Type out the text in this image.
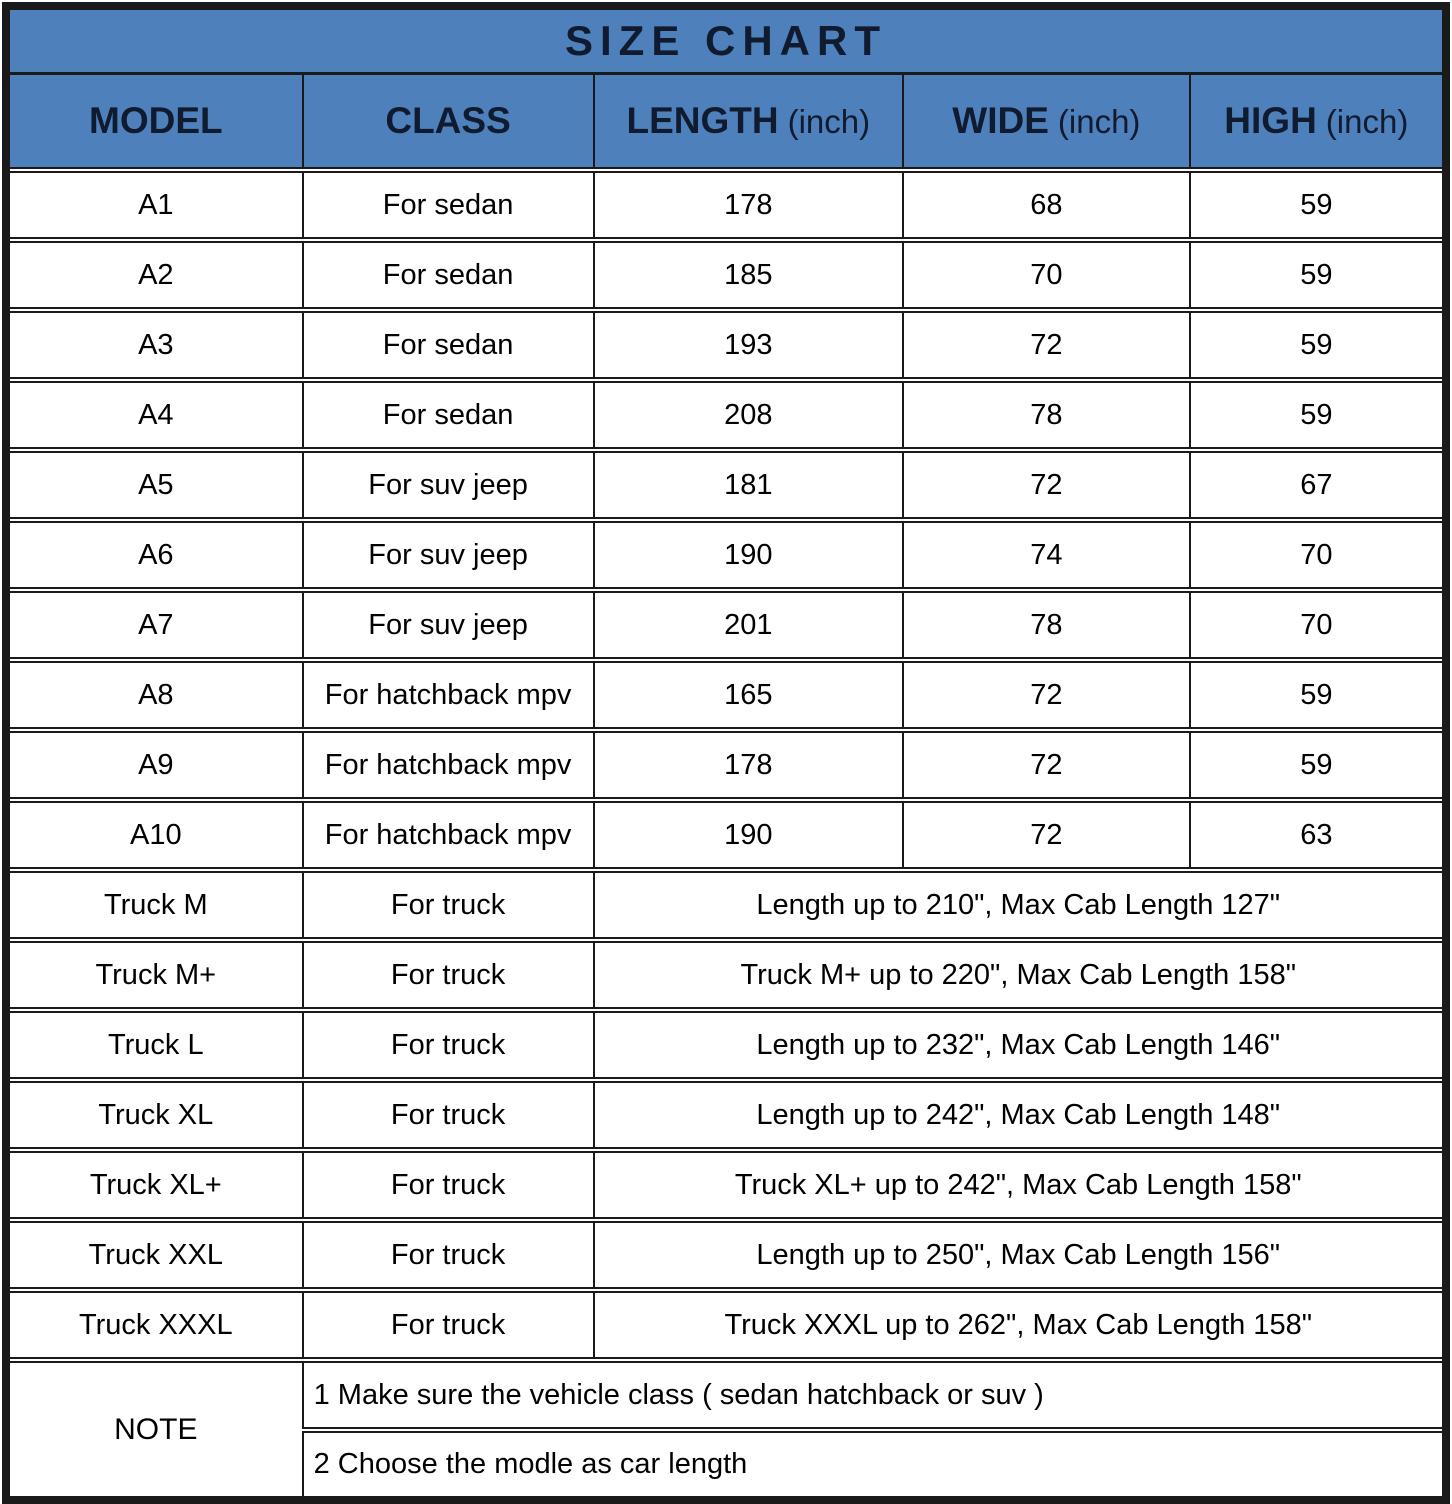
SIZE CHART				
MODEL	CLASS	LENGTH (inch)	WIDE (inch)	HIGH (inch)
A1	For sedan	178	68	59
A2	For sedan	185	70	59
A3	For sedan	193	72	59
A4	For sedan	208	78	59
A5	For suv jeep	181	72	67
A6	For suv jeep	190	74	70
A7	For suv jeep	201	78	70
A8	For hatchback mpv	165	72	59
A9	For hatchback mpv	178	72	59
A10	For hatchback mpv	190	72	63
Truck M	For truck	Length up to 210", Max Cab Length 127"		
Truck M+	For truck	Truck M+ up to 220", Max Cab Length 158"		
Truck L	For truck	Length up to 232", Max Cab Length 146"		
Truck XL	For truck	Length up to 242", Max Cab Length 148"		
Truck XL+	For truck	Truck XL+ up to 242", Max Cab Length 158"		
Truck XXL	For truck	Length up to 250", Max Cab Length 156"		
Truck XXXL	For truck	Truck XXXL up to 262", Max Cab Length 158"		
NOTE	1 Make sure the vehicle class ( sedan hatchback or suv )			
	2 Choose the modle as car length			
